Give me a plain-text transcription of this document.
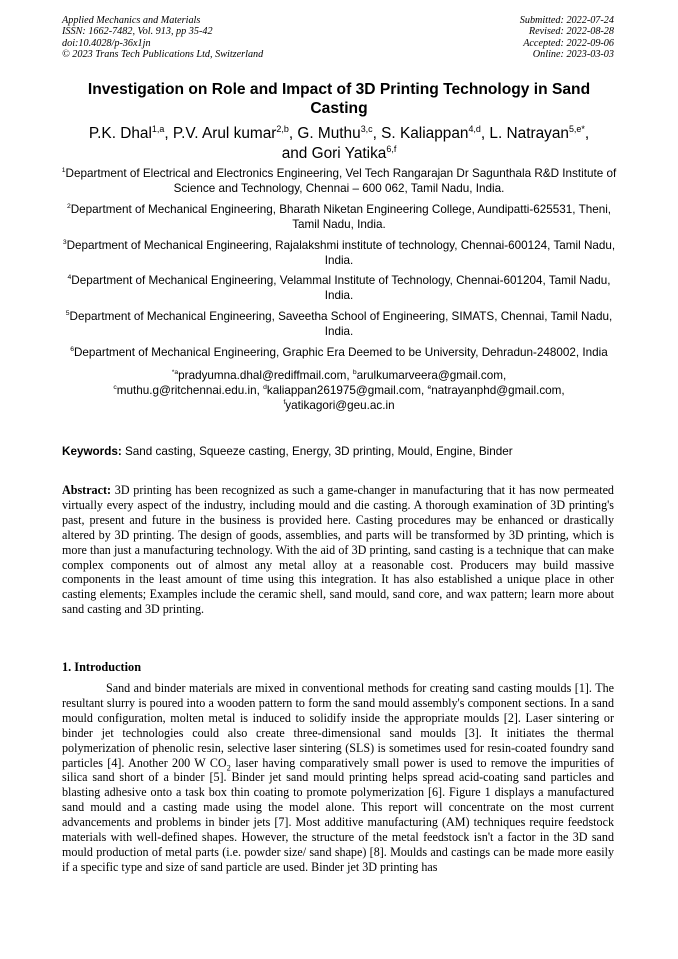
Applied Mechanics and Materials
ISSN: 1662-7482, Vol. 913, pp 35-42
doi:10.4028/p-36x1jn
© 2023 Trans Tech Publications Ltd, Switzerland
Submitted: 2022-07-24
Revised: 2022-08-28
Accepted: 2022-09-06
Online: 2023-03-03
Investigation on Role and Impact of 3D Printing Technology in Sand Casting
P.K. Dhal$^{1,a}$, P.V. Arul kumar$^{2,b}$, G. Muthu$^{3,c}$, S. Kaliappan$^{4,d}$, L. Natrayan$^{5,e*}$,
and Gori Yatika$^{6,f}$
$^1$Department of Electrical and Electronics Engineering, Vel Tech Rangarajan Dr Sagunthala R&D Institute of Science and Technology, Chennai – 600 062, Tamil Nadu, India.
$^2$Department of Mechanical Engineering, Bharath Niketan Engineering College, Aundipatti-625531, Theni, Tamil Nadu, India.
$^3$Department of Mechanical Engineering, Rajalakshmi institute of technology, Chennai-600124, Tamil Nadu, India.
$^4$Department of Mechanical Engineering, Velammal Institute of Technology, Chennai-601204, Tamil Nadu, India.
$^5$Department of Mechanical Engineering, Saveetha School of Engineering, SIMATS, Chennai, Tamil Nadu, India.
$^6$Department of Mechanical Engineering, Graphic Era Deemed to be University, Dehradun-248002, India
$^{*a}$pradyumna.dhal@rediffmail.com, $^b$arulkumarveera@gmail.com,
$^c$muthu.g@ritchennai.edu.in, $^d$kaliappan261975@gmail.com, $^e$natrayanphd@gmail.com,
$^f$yatikagori@geu.ac.in
Keywords: Sand casting, Squeeze casting, Energy, 3D printing, Mould, Engine, Binder
Abstract: 3D printing has been recognized as such a game-changer in manufacturing that it has now permeated virtually every aspect of the industry, including mould and die casting. A thorough examination of 3D printing's past, present and future in the business is provided here. Casting procedures may be enhanced or drastically altered by 3D printing. The design of goods, assemblies, and parts will be transformed by 3D printing, which is more than just a manufacturing technology. With the aid of 3D printing, sand casting is a technique that can make complex components out of almost any metal alloy at a reasonable cost. Producers may build massive components in the least amount of time using this integration. It has also established a unique place in other casting elements; Examples include the ceramic shell, sand mould, sand core, and wax pattern; learn more about sand casting and 3D printing.
1. Introduction
Sand and binder materials are mixed in conventional methods for creating sand casting moulds [1]. The resultant slurry is poured into a wooden pattern to form the sand mould assembly's component sections. In a sand mould configuration, molten metal is induced to solidify inside the appropriate moulds [2]. Laser sintering or binder jet technologies could also create three-dimensional sand moulds [3]. It initiates the thermal polymerization of phenolic resin, selective laser sintering (SLS) is sometimes used for resin-coated foundry sand particles [4]. Another 200 W $CO_2$ laser having comparatively small power is used to remove the impurities of silica sand short of a binder [5]. Binder jet sand mould printing helps spread acid-coating sand particles and blasting adhesive onto a task box thin coating to promote polymerization [6]. Figure 1 displays a manufactured sand mould and a casting made using the model alone. This report will concentrate on the most current advancements and problems in binder jets [7]. Most additive manufacturing (AM) techniques require feedstock materials with well-defined shapes. However, the structure of the metal feedstock isn't a factor in the 3D sand mould production of metal parts (i.e. powder size/ sand shape) [8]. Moulds and castings can be made more easily if a specific type and size of sand particle are used. Binder jet 3D printing has
